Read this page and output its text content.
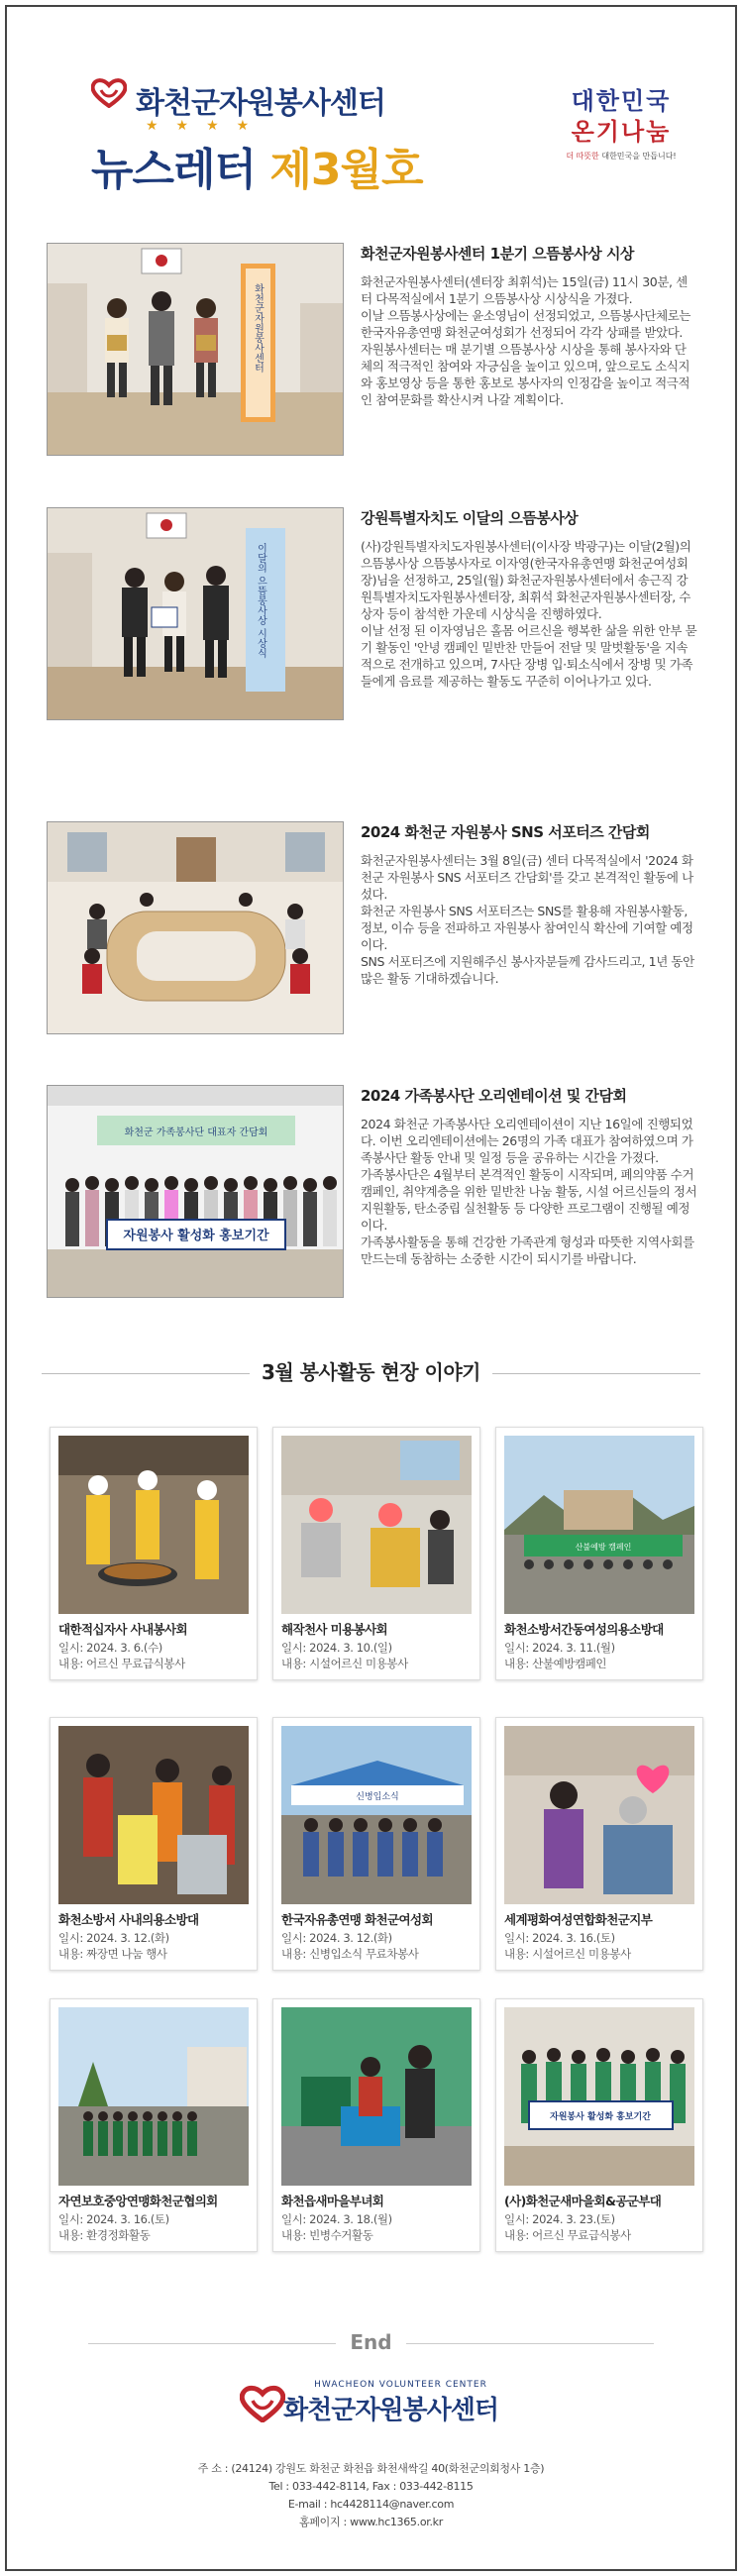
화천군자원봉사센터
★★★★
뉴스레터 제3월호
대한민국
온기나눔
더 따뜻한 대한민국을 만듭니다!
화천군자원봉사센터
화천군자원봉사센터 1분기 으뜸봉사상 시상

화천군자원봉사센터(센터장 최휘석)는 15일(금) 11시 30분, 센터 다목적실에서 1분기 으뜸봉사상 시상식을 가졌다.
이날 으뜸봉사상에는 윤소영님이 선정되었고, 으뜸봉사단체로는 한국자유총연맹 화천군여성회가 선정되어 각각 상패를 받았다.
자원봉사센터는 매 분기별 으뜸봉사상 시상을 통해 봉사자와 단체의 적극적인 참여와 자긍심을 높이고 있으며, 앞으로도 소식지와 홍보영상 등을 통한 홍보로 봉사자의 인정감을 높이고 적극적인 참여문화를 확산시켜 나갈 계획이다.

이달의 으뜸봉사상 시상식
강원특별자치도 이달의 으뜸봉사상

(사)강원특별자치도자원봉사센터(이사장 박광구)는 이달(2월)의 으뜸봉사상 으뜸봉사자로 이자영(한국자유총연맹 화천군여성회장)님을 선정하고, 25일(월) 화천군자원봉사센터에서 송근직 강원특별자치도자원봉사센터장, 최휘석 화천군자원봉사센터장, 수상자 등이 참석한 가운데 시상식을 진행하였다.
이날 선정 된 이자영님은 홀몸 어르신을 행복한 삶을 위한 안부 묻기 활동인 '안녕 캠페인 밑반찬 만들어 전달 및 말벗활동'을 지속적으로 전개하고 있으며, 7사단 장병 입·퇴소식에서 장병 및 가족들에게 음료를 제공하는 활동도 꾸준히 이어나가고 있다.

2024 화천군 자원봉사 SNS 서포터즈 간담회

화천군자원봉사센터는 3월 8일(금) 센터 다목적실에서 '2024 화천군 자원봉사 SNS 서포터즈 간담회'를 갖고 본격적인 활동에 나섰다.
화천군 자원봉사 SNS 서포터즈는 SNS를 활용해 자원봉사활동, 정보, 이슈 등을 전파하고 자원봉사 참여인식 확산에 기여할 예정이다.
SNS 서포터즈에 지원해주신 봉사자분들께 감사드리고, 1년 동안 많은 활동 기대하겠습니다.

화천군 가족봉사단 대표자 간담회
자원봉사 활성화 홍보기간
2024 가족봉사단 오리엔테이션 및 간담회

2024 화천군 가족봉사단 오리엔테이션이 지난 16일에 진행되었다. 이번 오리엔테이션에는 26명의 가족 대표가 참여하였으며 가족봉사단 활동 안내 및 일정 등을 공유하는 시간을 가졌다.
가족봉사단은 4월부터 본격적인 활동이 시작되며, 폐의약품 수거 캠페인, 취약계층을 위한 밑반찬 나눔 활동, 시설 어르신들의 정서지원활동, 탄소중립 실천활동 등 다양한 프로그램이 진행될 예정이다.
가족봉사활동을 통해 건강한 가족관계 형성과 따뜻한 지역사회를 만드는데 동참하는 소중한 시간이 되시기를 바랍니다.

3월 봉사활동 현장 이야기
대한적십자사 사내봉사회
일시: 2024. 3. 6.(수)
내용: 어르신 무료급식봉사
해작천사 미용봉사회
일시: 2024. 3. 10.(일)
내용: 시설어르신 미용봉사
산불예방 캠페인
화천소방서간동여성의용소방대
일시: 2024. 3. 11.(월)
내용: 산불예방캠페인
화천소방서 사내의용소방대
일시: 2024. 3. 12.(화)
내용: 짜장면 나눔 행사
신병입소식
한국자유총연맹 화천군여성회
일시: 2024. 3. 12.(화)
내용: 신병입소식 무료차봉사
세계평화여성연합화천군지부
일시: 2024. 3. 16.(토)
내용: 시설어르신 미용봉사
자연보호중앙연맹화천군협의회
일시: 2024. 3. 16.(토)
내용: 환경정화활동
화천읍새마을부녀회
일시: 2024. 3. 18.(월)
내용: 빈병수거활동
자원봉사 활성화 홍보기간
(사)화천군새마을회&공군부대
일시: 2024. 3. 23.(토)
내용: 어르신 무료급식봉사
End
HWACHEON VOLUNTEER CENTER
화천군자원봉사센터
주 소 : (24124) 강원도 화천군 화천읍 화천새싹길 40(화천군의회청사 1층)
Tel : 033-442-8114, Fax : 033-442-8115
E-mail : hc4428114@naver.com
홈페이지 : www.hc1365.or.kr
